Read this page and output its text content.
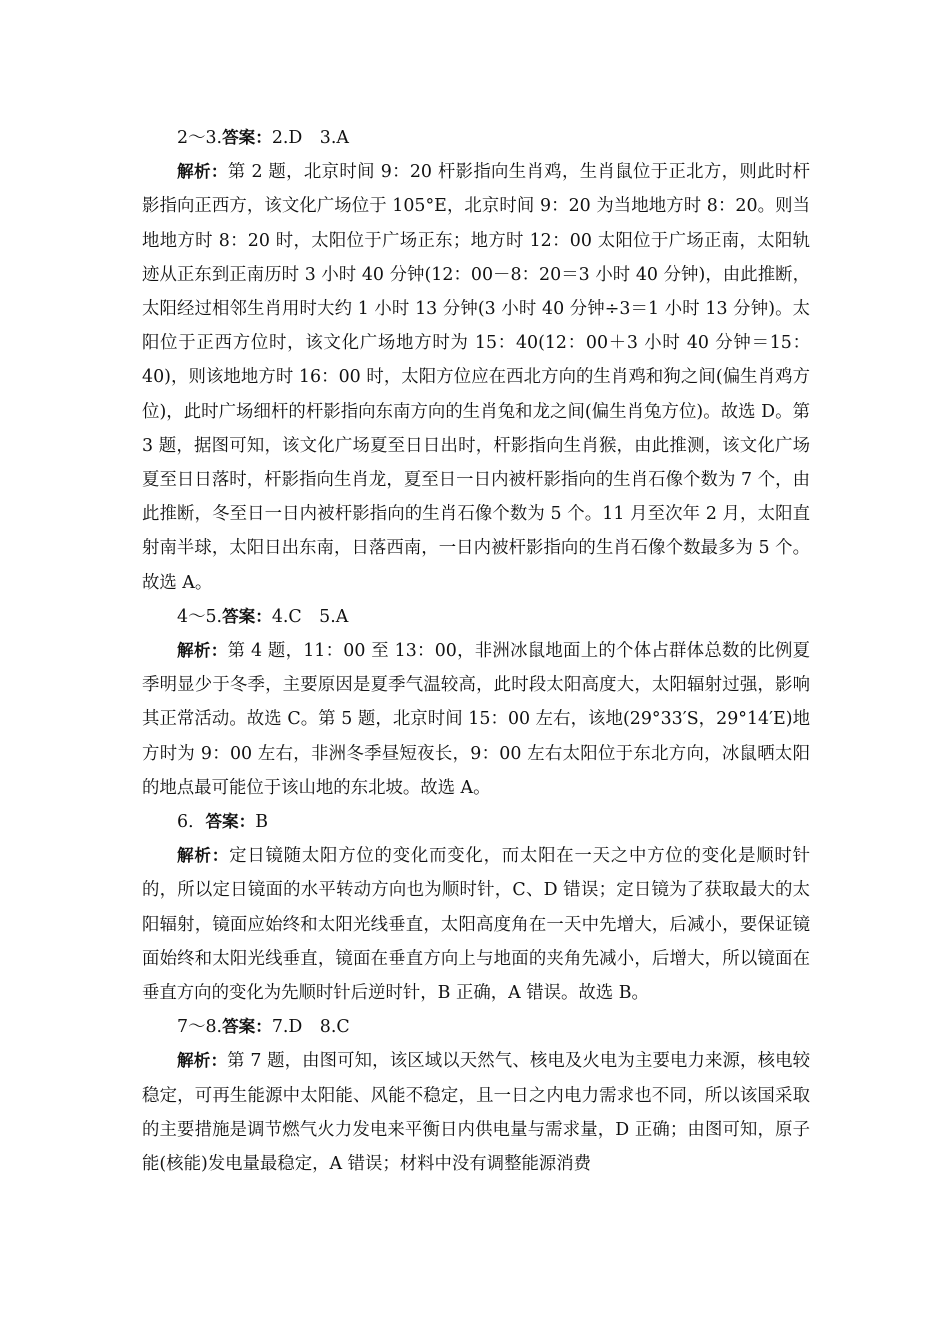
2～3.答案：2.D　3.A

解析：第 2 题，北京时间 9：20 杆影指向生肖鸡，生肖鼠位于正北方，则此时杆影指向正西方，该文化广场位于 105°E，北京时间 9：20 为当地地方时 8：20。则当地地方时 8：20 时，太阳位于广场正东；地方时 12：00 太阳位于广场正南，太阳轨迹从正东到正南历时 3 小时 40 分钟(12：00－8：20＝3 小时 40 分钟)，由此推断，太阳经过相邻生肖用时大约 1 小时 13 分钟(3 小时 40 分钟÷3＝1 小时 13 分钟)。太阳位于正西方位时，该文化广场地方时为 15：40(12：00＋3 小时 40 分钟＝15：40)，则该地地方时 16：00 时，太阳方位应在西北方向的生肖鸡和狗之间(偏生肖鸡方位)，此时广场细杆的杆影指向东南方向的生肖兔和龙之间(偏生肖兔方位)。故选 D。第 3 题，据图可知，该文化广场夏至日日出时，杆影指向生肖猴，由此推测，该文化广场夏至日日落时，杆影指向生肖龙，夏至日一日内被杆影指向的生肖石像个数为 7 个，由此推断，冬至日一日内被杆影指向的生肖石像个数为 5 个。11 月至次年 2 月，太阳直射南半球，太阳日出东南，日落西南，一日内被杆影指向的生肖石像个数最多为 5 个。故选 A。

4～5.答案：4.C　5.A

解析：第 4 题，11：00 至 13：00，非洲冰鼠地面上的个体占群体总数的比例夏季明显少于冬季，主要原因是夏季气温较高，此时段太阳高度大，太阳辐射过强，影响其正常活动。故选 C。第 5 题，北京时间 15：00 左右，该地(29°33′S，29°14′E)地方时为 9：00 左右，非洲冬季昼短夜长，9：00 左右太阳位于东北方向，冰鼠晒太阳的地点最可能位于该山地的东北坡。故选 A。

6．答案：B

解析：定日镜随太阳方位的变化而变化，而太阳在一天之中方位的变化是顺时针的，所以定日镜面的水平转动方向也为顺时针，C、D 错误；定日镜为了获取最大的太阳辐射，镜面应始终和太阳光线垂直，太阳高度角在一天中先增大，后减小，要保证镜面始终和太阳光线垂直，镜面在垂直方向上与地面的夹角先减小，后增大，所以镜面在垂直方向的变化为先顺时针后逆时针，B 正确，A 错误。故选 B。

7～8.答案：7.D　8.C

解析：第 7 题，由图可知，该区域以天然气、核电及火电为主要电力来源，核电较稳定，可再生能源中太阳能、风能不稳定，且一日之内电力需求也不同，所以该国采取的主要措施是调节燃气火力发电来平衡日内供电量与需求量，D 正确；由图可知，原子能(核能)发电量最稳定，A 错误；材料中没有调整能源消费
